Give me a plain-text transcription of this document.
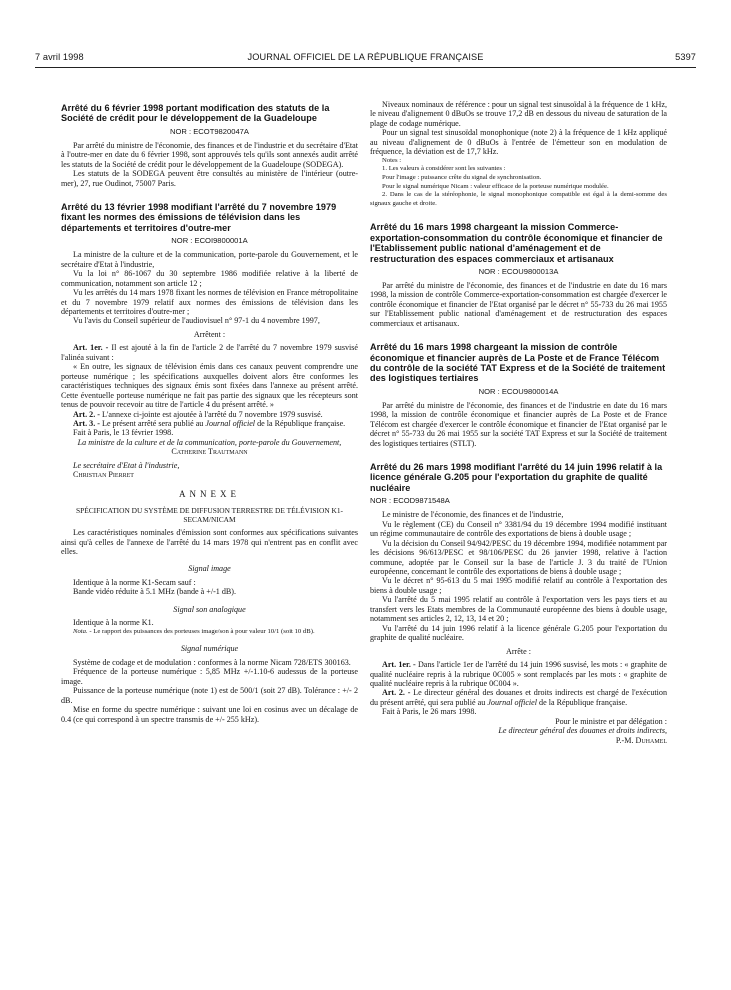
7 avril 1998	JOURNAL OFFICIEL DE LA RÉPUBLIQUE FRANÇAISE	5397
Arrêté du 6 février 1998 portant modification des statuts de la Société de crédit pour le développement de la Guadeloupe
NOR : ECOT9820047A

Par arrêté du ministre de l'économie, des finances et de l'industrie et du secrétaire d'Etat à l'outre-mer en date du 6 février 1998, sont approuvés tels qu'ils sont annexés audit arrêté les statuts de la Société de crédit pour le développement de la Guadeloupe (SODEGA).

Les statuts de la SODEGA peuvent être consultés au ministère de l'intérieur (outre-mer), 27, rue Oudinot, 75007 Paris.

Arrêté du 13 février 1998 modifiant l'arrêté du 7 novembre 1979 fixant les normes des émissions de télévision dans les départements et territoires d'outre-mer
NOR : ECOI9800001A

La ministre de la culture et de la communication, porte-parole du Gouvernement, et le secrétaire d'Etat à l'industrie,

Vu la loi n° 86-1067 du 30 septembre 1986 modifiée relative à la liberté de communication, notamment son article 12 ;

Vu les arrêtés du 14 mars 1978 fixant les normes de télévision en France métropolitaine et du 7 novembre 1979 relatif aux normes des émissions de télévision dans les départements et territoires d'outre-mer ;

Vu l'avis du Conseil supérieur de l'audiovisuel n° 97-1 du 4 novembre 1997,

Arrêtent :

Art. 1er. - Il est ajouté à la fin de l'article 2 de l'arrêté du 7 novembre 1979 susvisé l'alinéa suivant :

« En outre, les signaux de télévision émis dans ces canaux peuvent comprendre une porteuse numérique ; les spécifications auxquelles doivent alors être conformes les caractéristiques techniques des signaux émis sont fixées dans l'annexe au présent arrêté. Cette éventuelle porteuse numérique ne fait pas partie des signaux que les récepteurs sont tenus de pouvoir recevoir au titre de l'article 4 du présent arrêté. »

Art. 2. - L'annexe ci-jointe est ajoutée à l'arrêté du 7 novembre 1979 susvisé.

Art. 3. - Le présent arrêté sera publié au Journal officiel de la République française.

Fait à Paris, le 13 février 1998.

La ministre de la culture et de la communication, porte-parole du Gouvernement,

Catherine Trautmann

Le secrétaire d'Etat à l'industrie,

Christian Pierret

ANNEXE
SPÉCIFICATION DU SYSTÈME DE DIFFUSION TERRESTRE DE TÉLÉVISION K1-SECAM/NICAM

Les caractéristiques nominales d'émission sont conformes aux spécifications suivantes ainsi qu'à celles de l'annexe de l'arrêté du 14 mars 1978 qui n'entrent pas en conflit avec elles.

Signal image

Identique à la norme K1-Secam sauf :

Bande vidéo réduite à 5.1 MHz (bande à +/-1 dB).

Signal son analogique

Identique à la norme K1.

Nota. - Le rapport des puissances des porteuses image/son à pour valeur 10/1 (soit 10 dB).

Signal numérique

Système de codage et de modulation : conformes à la norme Nicam 728/ETS 300163.

Fréquence de la porteuse numérique : 5,85 MHz +/-1.10-6 audessus de la porteuse image.

Puissance de la porteuse numérique (note 1) est de 500/1 (soit 27 dB). Tolérance : +/- 2 dB.

Mise en forme du spectre numérique : suivant une loi en cosinus avec un décalage de 0.4 (ce qui correspond à un spectre transmis de +/- 255 kHz).

Niveaux nominaux de référence : pour un signal test sinusoïdal à la fréquence de 1 kHz, le niveau d'alignement 0 dBuOs se trouve 17,2 dB en dessous du niveau de saturation de la plage de codage numérique.

Pour un signal test sinusoïdal monophonique (note 2) à la fréquence de 1 kHz appliqué au niveau d'alignement de 0 dBuOs à l'entrée de l'émetteur son en modulation de fréquence, la déviation est de 17,7 kHz.

Notes :

1. Les valeurs à considérer sont les suivantes :

Pour l'image : puissance crête du signal de synchronisation.

Pour le signal numérique Nicam : valeur efficace de la porteuse numérique modulée.

2. Dans le cas de la stéréophonie, le signal monophonique compatible est égal à la demi-somme des signaux gauche et droite.

Arrêté du 16 mars 1998 chargeant la mission Commerce-exportation-consommation du contrôle économique et financier de l'Etablissement public national d'aménagement et de restructuration des espaces commerciaux et artisanaux
NOR : ECOU9800013A

Par arrêté du ministre de l'économie, des finances et de l'industrie en date du 16 mars 1998, la mission de contrôle Commerce-exportation-consommation est chargée d'exercer le contrôle économique et financier de l'Etat organisé par le décret n° 55-733 du 26 mai 1955 sur l'Etablissement public national d'aménagement et de restructuration des espaces commerciaux et artisanaux.

Arrêté du 16 mars 1998 chargeant la mission de contrôle économique et financier auprès de La Poste et de France Télécom du contrôle de la société TAT Express et de la Société de traitement des logistiques tertiaires
NOR : ECOU9800014A

Par arrêté du ministre de l'économie, des finances et de l'industrie en date du 16 mars 1998, la mission de contrôle économique et financier auprès de La Poste et de France Télécom est chargée d'exercer le contrôle économique et financier de l'Etat organisé par le décret n° 55-733 du 26 mai 1955 sur la société TAT Express et sur la Société de traitement des logistiques tertiaires (STLT).

Arrêté du 26 mars 1998 modifiant l'arrêté du 14 juin 1996 relatif à la licence générale G.205 pour l'exportation du graphite de qualité nucléaire
NOR : ECOD9871548A

Le ministre de l'économie, des finances et de l'industrie,

Vu le règlement (CE) du Conseil n° 3381/94 du 19 décembre 1994 modifié instituant un régime communautaire de contrôle des exportations de biens à double usage ;

Vu la décision du Conseil 94/942/PESC du 19 décembre 1994, modifiée notamment par les décisions 96/613/PESC et 98/106/PESC du 26 janvier 1998, relative à l'action commune, adoptée par le Conseil sur la base de l'article J. 3 du traité de l'Union européenne, concernant le contrôle des exportations de biens à double usage ;

Vu le décret n° 95-613 du 5 mai 1995 modifié relatif au contrôle à l'exportation des biens à double usage ;

Vu l'arrêté du 5 mai 1995 relatif au contrôle à l'exportation vers les pays tiers et au transfert vers les Etats membres de la Communauté européenne des biens à double usage, notamment ses articles 2, 12, 13, 14 et 20 ;

Vu l'arrêté du 14 juin 1996 relatif à la licence générale G.205 pour l'exportation du graphite de qualité nucléaire.

Arrête :

Art. 1er. - Dans l'article 1er de l'arrêté du 14 juin 1996 susvisé, les mots : « graphite de qualité nucléaire repris à la rubrique 0C005 » sont remplacés par les mots : « graphite de qualité nucléaire repris à la rubrique 0C004 ».

Art. 2. - Le directeur général des douanes et droits indirects est chargé de l'exécution du présent arrêté, qui sera publié au Journal officiel de la République française.

Fait à Paris, le 26 mars 1998.

Pour le ministre et par délégation :

Le directeur général des douanes et droits indirects,

P.-M. Duhamel
